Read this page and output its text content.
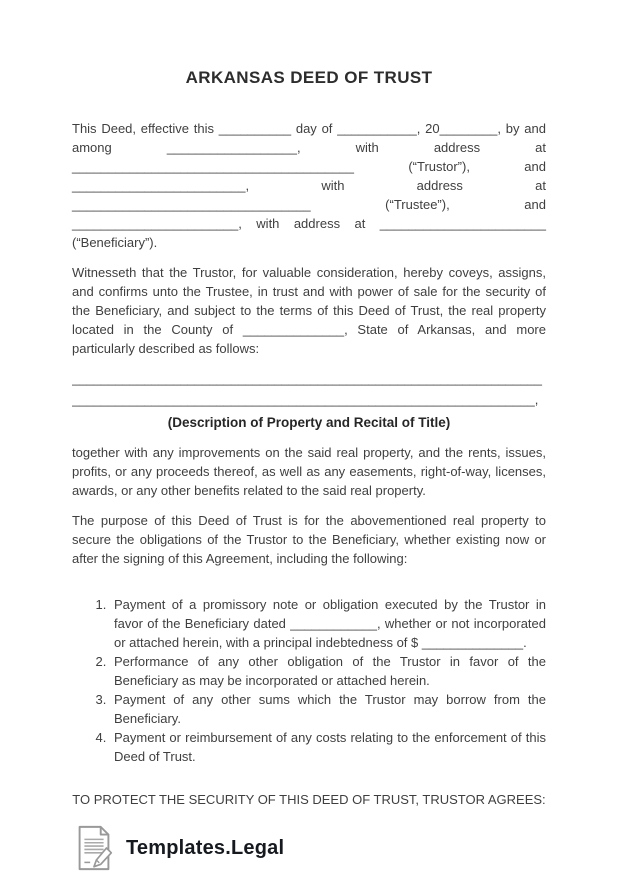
ARKANSAS DEED OF TRUST

This Deed, effective this __________ day of ___________, 20________, by and among __________________, with address at _______________________________________ (“Trustor”), and ________________________, with address at _________________________________ (“Trustee”), and _______________________, with address at _______________________ (“Beneficiary”).

Witnesseth that the Trustor, for valuable consideration, hereby coveys, assigns, and confirms unto the Trustee, in trust and with power of sale for the security of the Beneficiary, and subject to the terms of this Deed of Trust, the real property located in the County of ______________, State of Arkansas, and more particularly described as follows:

_________________________________________________________________
________________________________________________________________,
(Description of Property and Recital of Title)

together with any improvements on the said real property, and the rents, issues, profits, or any proceeds thereof, as well as any easements, right-of-way, licenses, awards, or any other benefits related to the said real property.

The purpose of this Deed of Trust is for the abovementioned real property to secure the obligations of the Trustor to the Beneficiary, whether existing now or after the signing of this Agreement, including the following:

1. Payment of a promissory note or obligation executed by the Trustor in favor of the Beneficiary dated ____________, whether or not incorporated or attached herein, with a principal indebtedness of $ ______________.
2. Performance of any other obligation of the Trustor in favor of the Beneficiary as may be incorporated or attached herein.
3. Payment of any other sums which the Trustor may borrow from the Beneficiary.
4. Payment or reimbursement of any costs relating to the enforcement of this Deed of Trust.

TO PROTECT THE SECURITY OF THIS DEED OF TRUST, TRUSTOR AGREES:

Templates.Legal
